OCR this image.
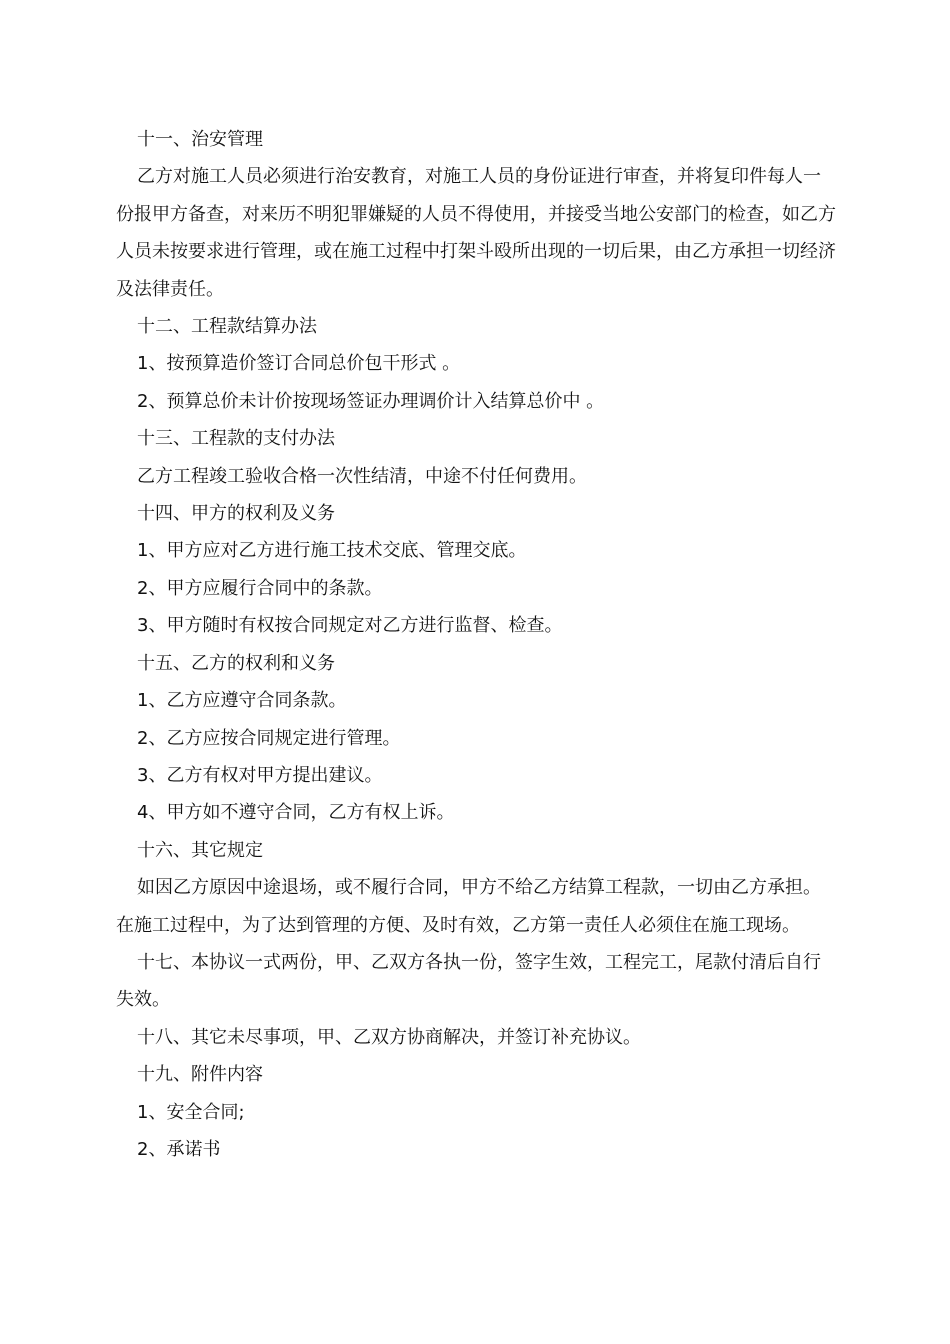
十一、治安管理

乙方对施工人员必须进行治安教育，对施工人员的身份证进行审查，并将复印件每人一份报甲方备查，对来历不明犯罪嫌疑的人员不得使用，并接受当地公安部门的检查，如乙方人员未按要求进行管理，或在施工过程中打架斗殴所出现的一切后果，由乙方承担一切经济及法律责任。

十二、工程款结算办法

1、按预算造价签订合同总价包干形式 。

2、预算总价未计价按现场签证办理调价计入结算总价中 。

十三、工程款的支付办法

乙方工程竣工验收合格一次性结清，中途不付任何费用。

十四、甲方的权利及义务

1、甲方应对乙方进行施工技术交底、管理交底。

2、甲方应履行合同中的条款。

3、甲方随时有权按合同规定对乙方进行监督、检查。

十五、乙方的权利和义务

1、乙方应遵守合同条款。

2、乙方应按合同规定进行管理。

3、乙方有权对甲方提出建议。

4、甲方如不遵守合同，乙方有权上诉。

十六、其它规定

如因乙方原因中途退场，或不履行合同，甲方不给乙方结算工程款，一切由乙方承担。在施工过程中，为了达到管理的方便、及时有效，乙方第一责任人必须住在施工现场。

十七、本协议一式两份，甲、乙双方各执一份，签字生效，工程完工，尾款付清后自行失效。

十八、其它未尽事项，甲、乙双方协商解决，并签订补充协议。

十九、附件内容

1、安全合同;

2、承诺书
